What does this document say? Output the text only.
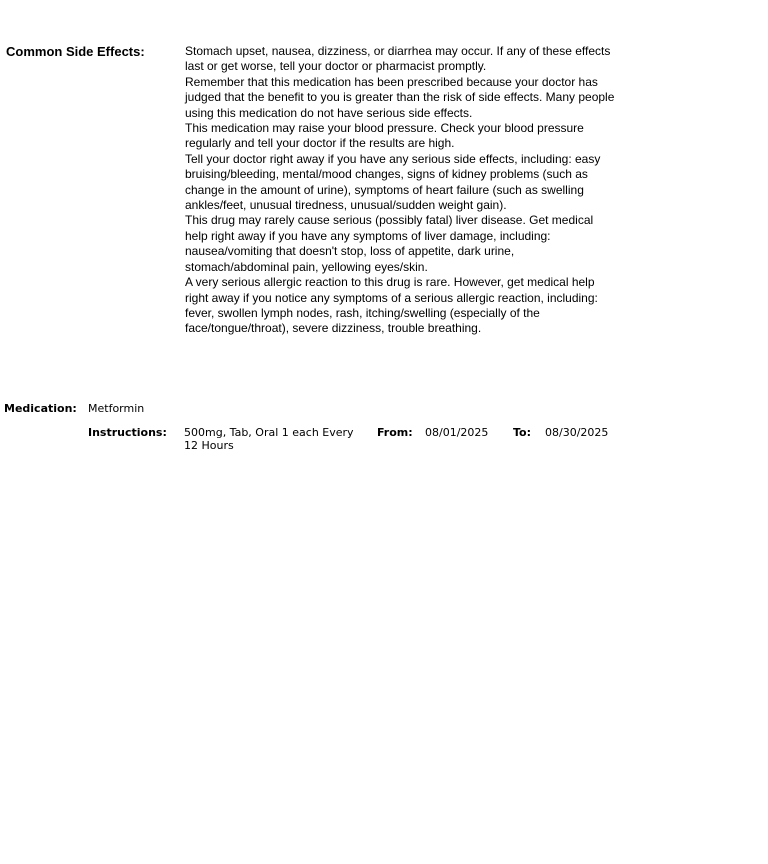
Common Side Effects:	Stomach upset, nausea, dizziness, or diarrhea may occur. If any of these effects last or get worse, tell your doctor or pharmacist promptly.

Remember that this medication has been prescribed because your doctor has judged that the benefit to you is greater than the risk of side effects. Many people using this medication do not have serious side effects.

This medication may raise your blood pressure. Check your blood pressure regularly and tell your doctor if the results are high.

Tell your doctor right away if you have any serious side effects, including: easy bruising/bleeding, mental/mood changes, signs of kidney problems (such as change in the amount of urine), symptoms of heart failure (such as swelling ankles/feet, unusual tiredness, unusual/sudden weight gain).

This drug may rarely cause serious (possibly fatal) liver disease. Get medical help right away if you have any symptoms of liver damage, including: nausea/vomiting that doesn't stop, loss of appetite, dark urine, stomach/abdominal pain, yellowing eyes/skin.

A very serious allergic reaction to this drug is rare. However, get medical help right away if you notice any symptoms of a serious allergic reaction, including: fever, swollen lymph nodes, rash, itching/swelling (especially of the face/tongue/throat), severe dizziness, trouble breathing.

Medication: Metformin
Instructions: 500mg, Tab, Oral 1 each Every 12 Hours
From: 08/01/2025 To: 08/30/2025
